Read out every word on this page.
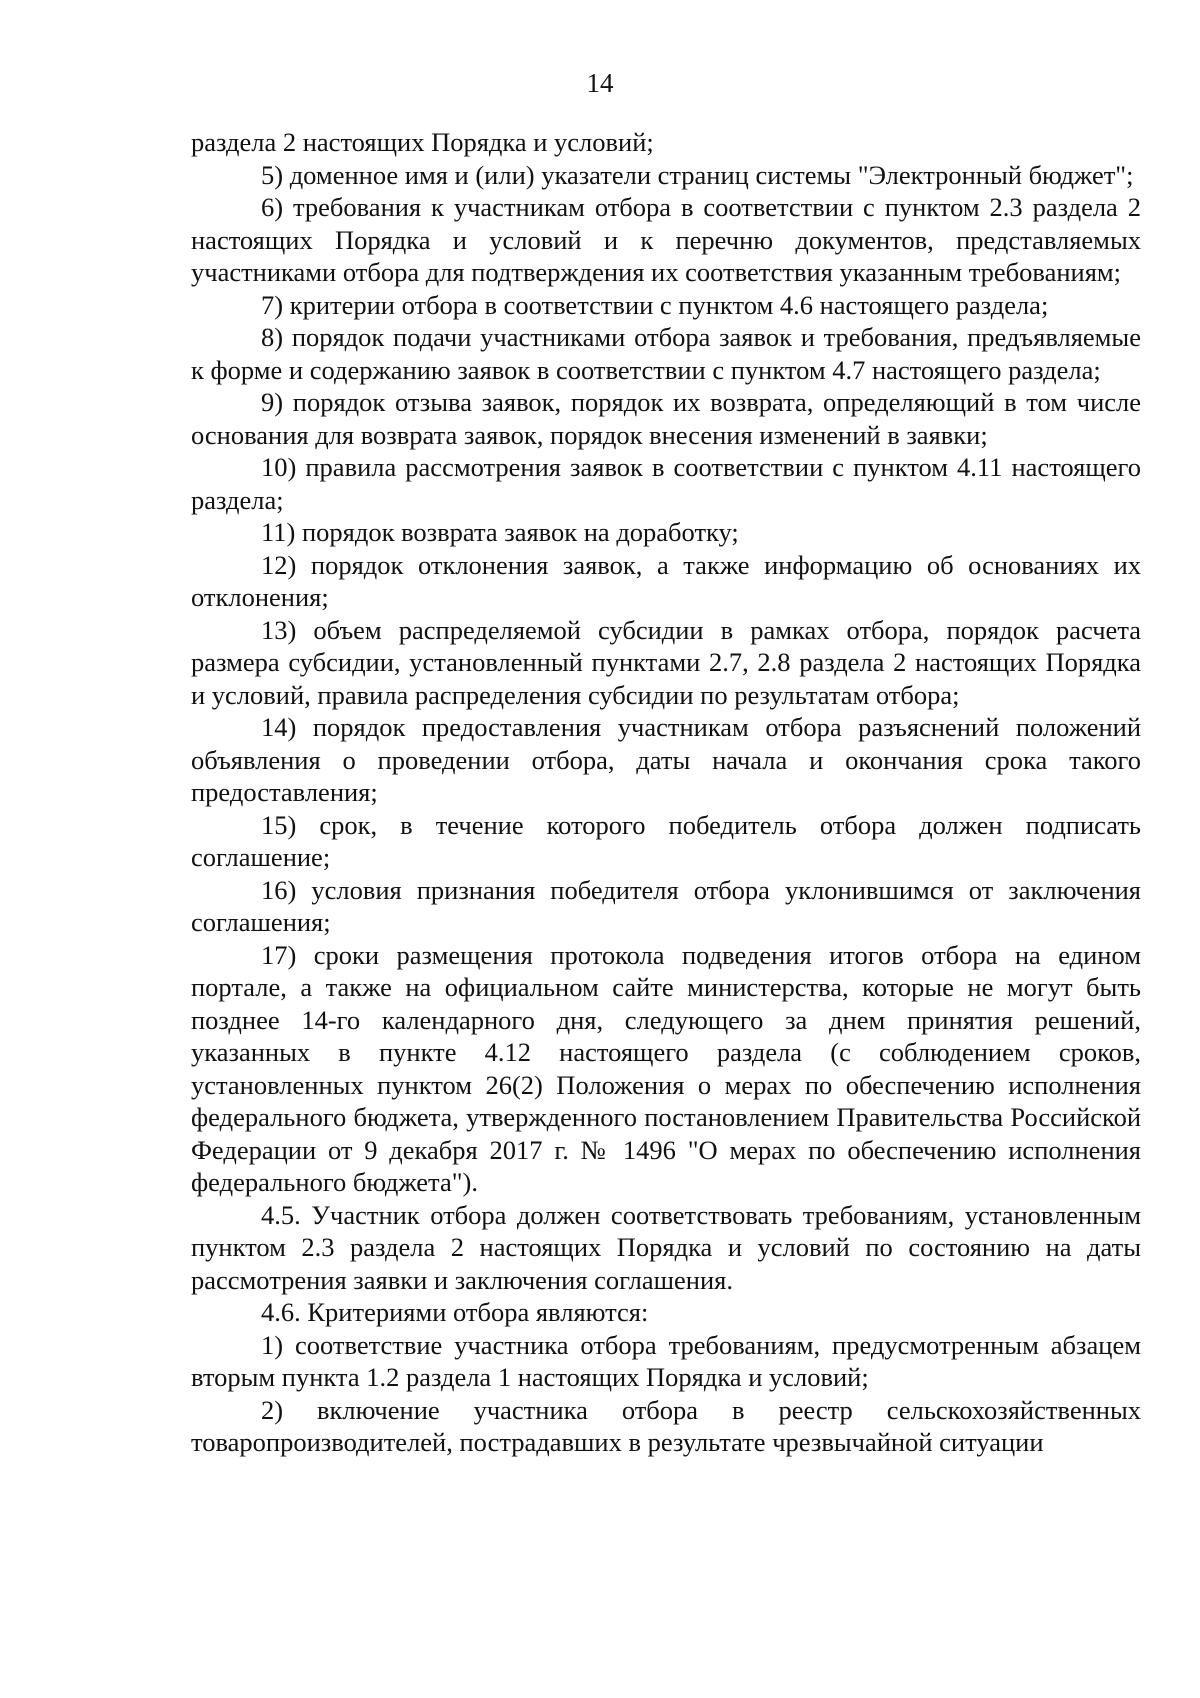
14

раздела 2 настоящих Порядка и условий;

5) доменное имя и (или) указатели страниц системы "Электронный бюджет";

6) требования к участникам отбора в соответствии с пунктом 2.3 раздела 2 настоящих Порядка и условий и к перечню документов, представляемых участниками отбора для подтверждения их соответствия указанным требованиям;

7) критерии отбора в соответствии с пунктом 4.6 настоящего раздела;

8) порядок подачи участниками отбора заявок и требования, предъявляемые к форме и содержанию заявок в соответствии с пунктом 4.7 настоящего раздела;

9) порядок отзыва заявок, порядок их возврата, определяющий в том числе основания для возврата заявок, порядок внесения изменений в заявки;

10) правила рассмотрения заявок в соответствии с пунктом 4.11 настоящего раздела;

11) порядок возврата заявок на доработку;

12) порядок отклонения заявок, а также информацию об основаниях их отклонения;

13) объем распределяемой субсидии в рамках отбора, порядок расчета размера субсидии, установленный пунктами 2.7, 2.8 раздела 2 настоящих Порядка и условий, правила распределения субсидии по результатам отбора;

14) порядок предоставления участникам отбора разъяснений положений объявления о проведении отбора, даты начала и окончания срока такого предоставления;

15) срок, в течение которого победитель отбора должен подписать соглашение;

16) условия признания победителя отбора уклонившимся от заключения соглашения;

17) сроки размещения протокола подведения итогов отбора на едином портале, а также на официальном сайте министерства, которые не могут быть позднее 14-го календарного дня, следующего за днем принятия решений, указанных в пункте 4.12 настоящего раздела (с соблюдением сроков, установленных пунктом 26(2) Положения о мерах по обеспечению исполнения федерального бюджета, утвержденного постановлением Правительства Российской Федерации от 9 декабря 2017 г. № 1496 "О мерах по обеспечению исполнения федерального бюджета").

4.5. Участник отбора должен соответствовать требованиям, установленным пунктом 2.3 раздела 2 настоящих Порядка и условий по состоянию на даты рассмотрения заявки и заключения соглашения.

4.6. Критериями отбора являются:

1) соответствие участника отбора требованиям, предусмотренным абзацем вторым пункта 1.2 раздела 1 настоящих Порядка и условий;

2) включение участника отбора в реестр сельскохозяйственных товаропроизводителей, пострадавших в результате чрезвычайной ситуации
